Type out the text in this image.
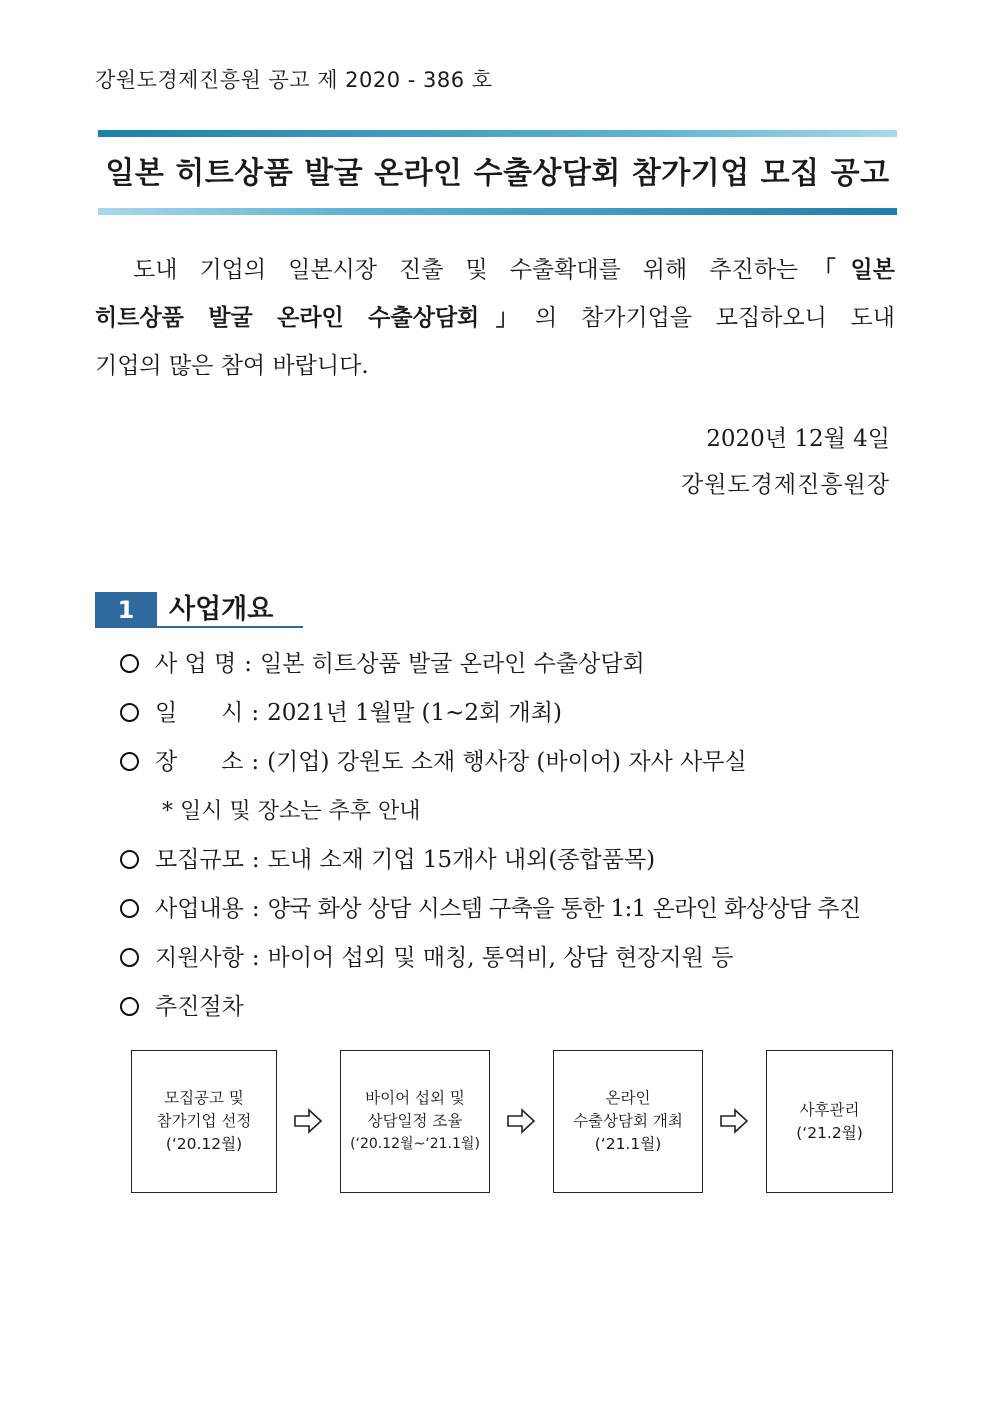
강원도경제진흥원 공고 제 2020 - 386 호
일본 히트상품 발굴 온라인 수출상담회 참가기업 모집 공고
도내 기업의 일본시장 진출 및 수출확대를 위해 추진하는「일본
히트상품 발굴 온라인 수출상담회」의 참가기업을 모집하오니 도내
기업의 많은 참여 바랍니다.
2020년 12월 4일
강원도경제진흥원장
1	사업개요
사 업 명 : 일본 히트상품 발굴 온라인 수출상담회
일      시 : 2021년 1월말 (1~2회 개최)
장      소 : (기업) 강원도 소재 행사장 (바이어) 자사 사무실
* 일시 및 장소는 추후 안내
모집규모 : 도내 소재 기업 15개사 내외(종합품목)
사업내용 : 양국 화상 상담 시스템 구축을 통한 1:1 온라인 화상상담 추진
지원사항 : 바이어 섭외 및 매칭, 통역비, 상담 현장지원 등
추진절차
모집공고 및
참가기업 선정
(‘20.12월)
바이어 섭외 및
상담일정 조율
(‘20.12월~‘21.1월)
온라인
수출상담회 개최
(‘21.1월)
사후관리
(‘21.2월)
